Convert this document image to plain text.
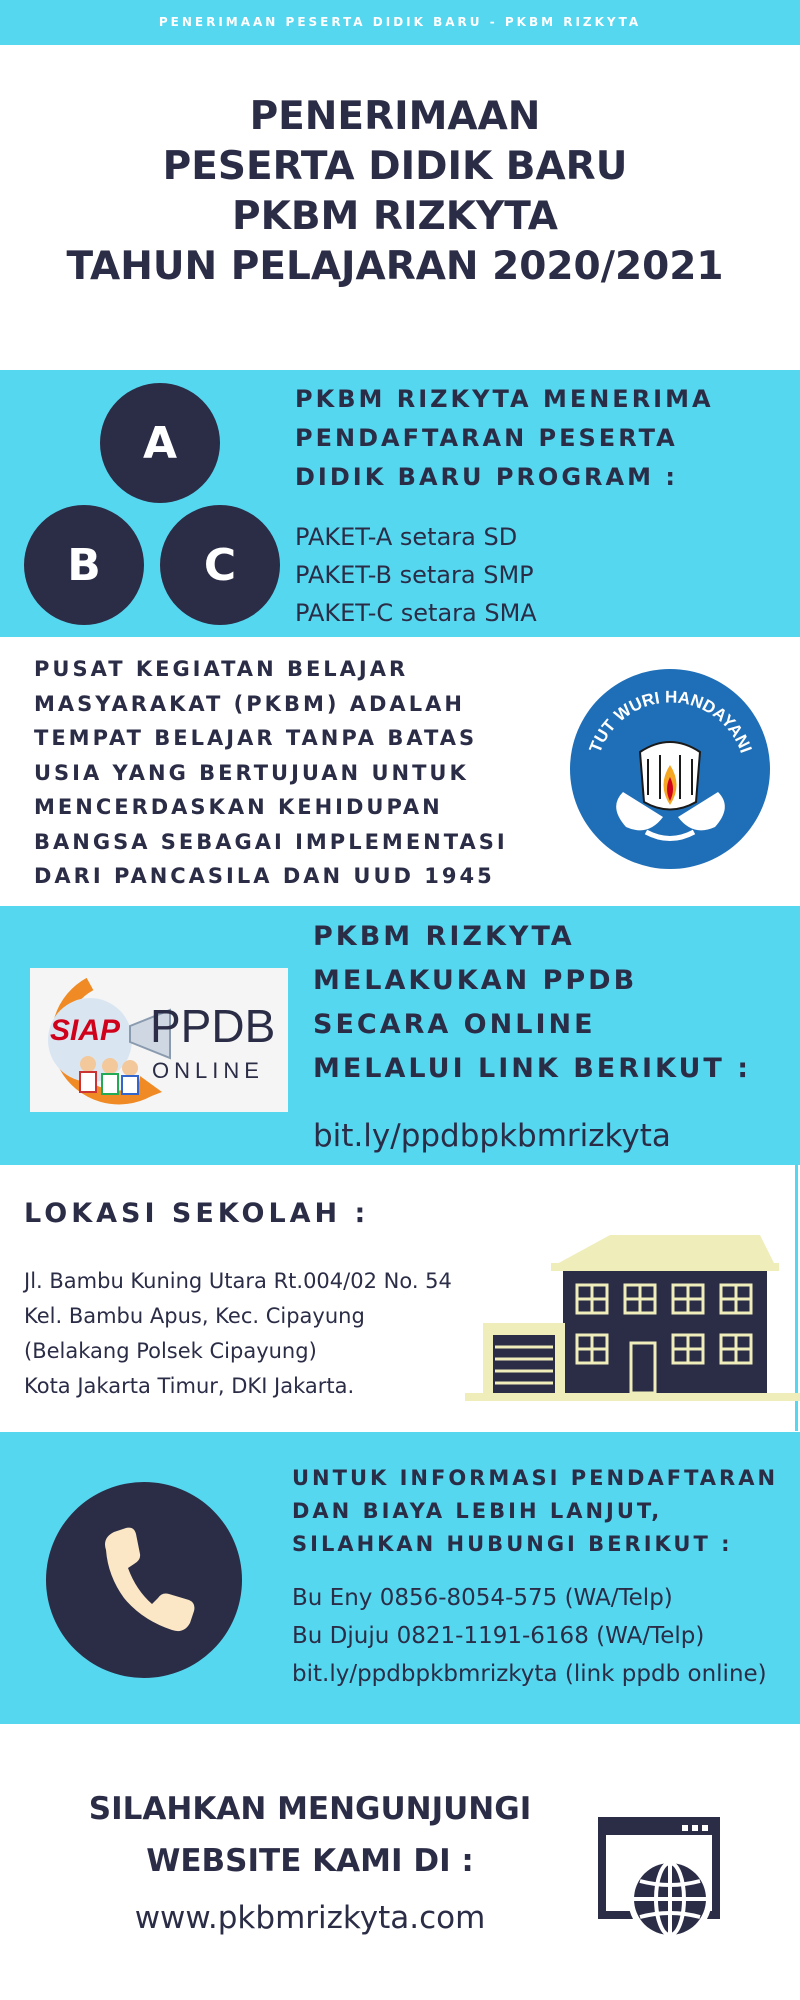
PENERIMAAN PESERTA DIDIK BARU - PKBM RIZKYTA
PENERIMAAN
PESERTA DIDIK BARU
PKBM RIZKYTA
TAHUN PELAJARAN 2020/2021
A
B	C
PKBM RIZKYTA MENERIMA
PENDAFTARAN PESERTA
DIDIK BARU PROGRAM :
PAKET-A setara SD
PAKET-B setara SMP
PAKET-C setara SMA
PUSAT KEGIATAN BELAJAR
MASYARAKAT (PKBM) ADALAH
TEMPAT BELAJAR TANPA BATAS
USIA YANG BERTUJUAN UNTUK
MENCERDASKAN KEHIDUPAN
BANGSA SEBAGAI IMPLEMENTASI
DARI PANCASILA DAN UUD 1945
TUT WURI HANDAYANI
SIAP PPDB
ONLINE
PKBM RIZKYTA
MELAKUKAN PPDB
SECARA ONLINE
MELALUI LINK BERIKUT :
bit.ly/ppdbpkbmrizkyta
LOKASI SEKOLAH :
Jl. Bambu Kuning Utara Rt.004/02 No. 54
Kel. Bambu Apus, Kec. Cipayung
(Belakang Polsek Cipayung)
Kota Jakarta Timur, DKI Jakarta.
UNTUK INFORMASI PENDAFTARAN
DAN BIAYA LEBIH LANJUT,
SILAHKAN HUBUNGI BERIKUT :
Bu Eny 0856-8054-575 (WA/Telp)
Bu Djuju 0821-1191-6168 (WA/Telp)
bit.ly/ppdbpkbmrizkyta (link ppdb online)
SILAHKAN MENGUNJUNGI
WEBSITE KAMI DI :
www.pkbmrizkyta.com
